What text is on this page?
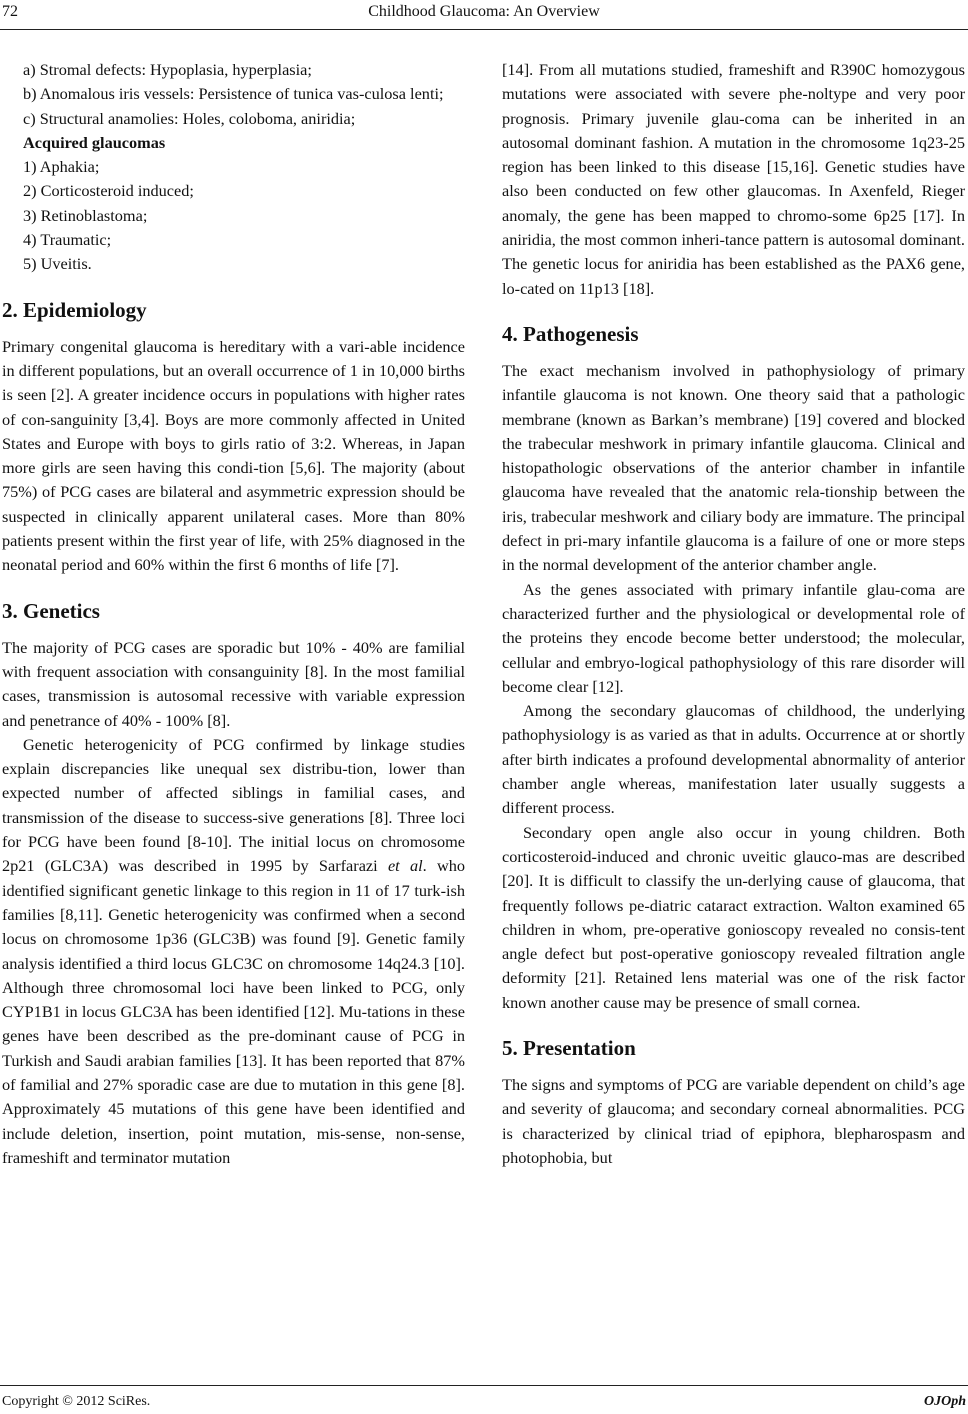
72	Childhood Glaucoma: An Overview

a) Stromal defects: Hypoplasia, hyperplasia;

b) Anomalous iris vessels: Persistence of tunica vas-culosa lenti;

c) Structural anamolies: Holes, coloboma, aniridia;

Acquired glaucomas

1) Aphakia;

2) Corticosteroid induced;

3) Retinoblastoma;

4) Traumatic;

5) Uveitis.

2. Epidemiology

Primary congenital glaucoma is hereditary with a vari-able incidence in different populations, but an overall occurrence of 1 in 10,000 births is seen [2]. A greater incidence occurs in populations with higher rates of con-sanguinity [3,4]. Boys are more commonly affected in United States and Europe with boys to girls ratio of 3:2. Whereas, in Japan more girls are seen having this condi-tion [5,6]. The majority (about 75%) of PCG cases are bilateral and asymmetric expression should be suspected in clinically apparent unilateral cases. More than 80% patients present within the first year of life, with 25% diagnosed in the neonatal period and 60% within the first 6 months of life [7].

3. Genetics

The majority of PCG cases are sporadic but 10% - 40% are familial with frequent association with consanguinity [8]. In the most familial cases, transmission is autosomal recessive with variable expression and penetrance of 40% - 100% [8].

Genetic heterogenicity of PCG confirmed by linkage studies explain discrepancies like unequal sex distribu-tion, lower than expected number of affected siblings in familial cases, and transmission of the disease to success-sive generations [8]. Three loci for PCG have been found [8-10]. The initial locus on chromosome 2p21 (GLC3A) was described in 1995 by Sarfarazi et al. who identified significant genetic linkage to this region in 11 of 17 turk-ish families [8,11]. Genetic heterogenicity was confirmed when a second locus on chromosome 1p36 (GLC3B) was found [9]. Genetic family analysis identified a third locus GLC3C on chromosome 14q24.3 [10]. Although three chromosomal loci have been linked to PCG, only CYP1B1 in locus GLC3A has been identified [12]. Mu-tations in these genes have been described as the pre-dominant cause of PCG in Turkish and Saudi arabian families [13]. It has been reported that 87% of familial and 27% sporadic case are due to mutation in this gene [8]. Approximately 45 mutations of this gene have been identified and include deletion, insertion, point mutation, mis-sense, non-sense, frameshift and terminator mutation

[14]. From all mutations studied, frameshift and R390C homozygous mutations were associated with severe phe-noltype and very poor prognosis. Primary juvenile glau-coma can be inherited in an autosomal dominant fashion. A mutation in the chromosome 1q23-25 region has been linked to this disease [15,16]. Genetic studies have also been conducted on few other glaucomas. In Axenfeld, Rieger anomaly, the gene has been mapped to chromo-some 6p25 [17]. In aniridia, the most common inheri-tance pattern is autosomal dominant. The genetic locus for aniridia has been established as the PAX6 gene, lo-cated on 11p13 [18].

4. Pathogenesis

The exact mechanism involved in pathophysiology of primary infantile glaucoma is not known. One theory said that a pathologic membrane (known as Barkan’s membrane) [19] covered and blocked the trabecular meshwork in primary infantile glaucoma. Clinical and histopathologic observations of the anterior chamber in infantile glaucoma have revealed that the anatomic rela-tionship between the iris, trabecular meshwork and ciliary body are immature. The principal defect in pri-mary infantile glaucoma is a failure of one or more steps in the normal development of the anterior chamber angle.

As the genes associated with primary infantile glau-coma are characterized further and the physiological or developmental role of the proteins they encode become better understood; the molecular, cellular and embryo-logical pathophysiology of this rare disorder will become clear [12].

Among the secondary glaucomas of childhood, the underlying pathophysiology is as varied as that in adults. Occurrence at or shortly after birth indicates a profound developmental abnormality of anterior chamber angle whereas, manifestation later usually suggests a different process.

Secondary open angle also occur in young children. Both corticosteroid-induced and chronic uveitic glauco-mas are described [20]. It is difficult to classify the un-derlying cause of glaucoma, that frequently follows pe-diatric cataract extraction. Walton examined 65 children in whom, pre-operative gonioscopy revealed no consis-tent angle defect but post-operative gonioscopy revealed filtration angle deformity [21]. Retained lens material was one of the risk factor known another cause may be presence of small cornea.

5. Presentation

The signs and symptoms of PCG are variable dependent on child’s age and severity of glaucoma; and secondary corneal abnormalities. PCG is characterized by clinical triad of epiphora, blepharospasm and photophobia, but

Copyright © 2012 SciRes.	OJOph
